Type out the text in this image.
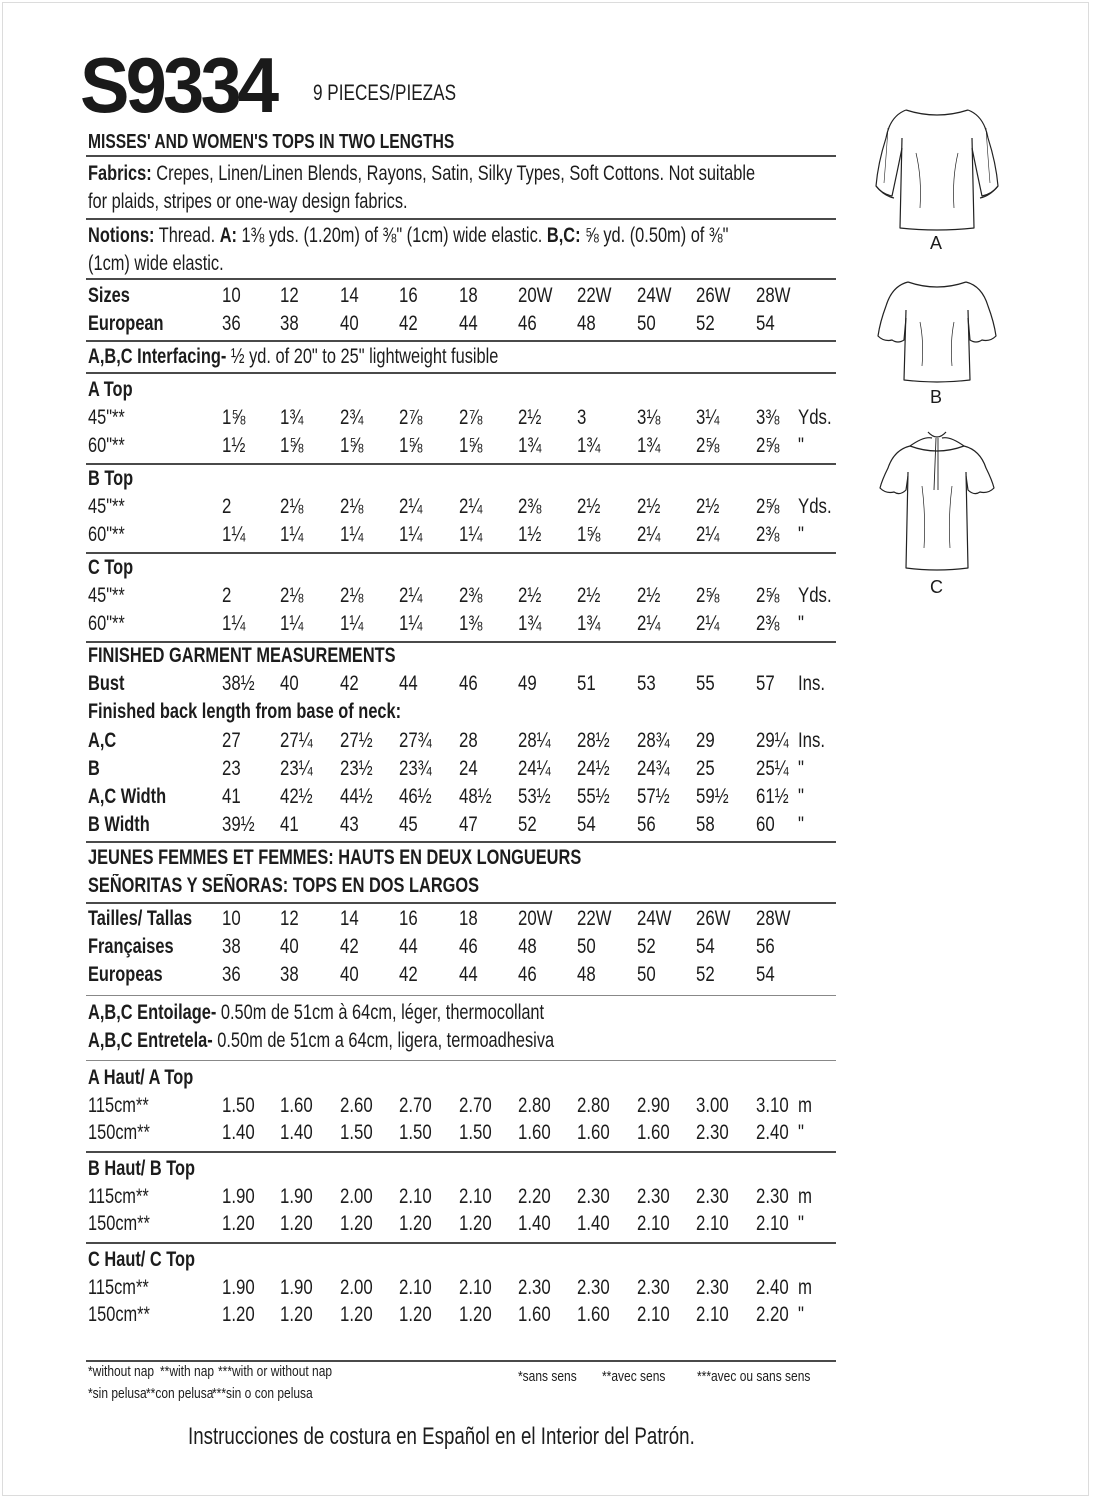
S9334 9 PIECES/PIEZAS
MISSES' AND WOMEN'S TOPS IN TWO LENGTHS
Fabrics: Crepes, Linen/Linen Blends, Rayons, Satin, Silky Types, Soft Cottons. Not suitable
for plaids, stripes or one-way design fabrics.
Notions: Thread. A: 1⅜ yds. (1.20m) of ⅜" (1cm) wide elastic. B,C: ⅝ yd. (0.50m) of ⅜"
(1cm) wide elastic.
Sizes	10 12 14 16 18 20W 22W 24W 26W 28W
European	36 38 40 42 44 46 48 50 52 54
A,B,C Interfacing- ½ yd. of 20" to 25" lightweight fusible
A Top
45"**	1⅝ 1¾ 2¾ 2⅞ 2⅞ 2½ 3 3⅛ 3¼ 3⅜ Yds.
60"**	1½ 1⅝ 1⅝ 1⅝ 1⅝ 1¾ 1¾ 1¾ 2⅝ 2⅝ "
B Top
45"**	2 2⅛ 2⅛ 2¼ 2¼ 2⅜ 2½ 2½ 2½ 2⅝ Yds.
60"**	1¼ 1¼ 1¼ 1¼ 1¼ 1½ 1⅝ 2¼ 2¼ 2⅜ "
C Top
45"**	2 2⅛ 2⅛ 2¼ 2⅜ 2½ 2½ 2½ 2⅝ 2⅝ Yds.
60"**	1¼ 1¼ 1¼ 1¼ 1⅜ 1¾ 1¾ 2¼ 2¼ 2⅜ "
FINISHED GARMENT MEASUREMENTS
Bust	38½ 40 42 44 46 49 51 53 55 57 Ins.
Finished back length from base of neck:
A,C	27 27¼ 27½ 27¾ 28 28¼ 28½ 28¾ 29 29¼ Ins.
B	23 23¼ 23½ 23¾ 24 24¼ 24½ 24¾ 25 25¼ "
A,C Width	41 42½ 44½ 46½ 48½ 53½ 55½ 57½ 59½ 61½ "
B Width	39½ 41 43 45 47 52 54 56 58 60 "
JEUNES FEMMES ET FEMMES: HAUTS EN DEUX LONGUEURS
SEÑORITAS Y SEÑORAS: TOPS EN DOS LARGOS
Tailles/ Tallas 10 12 14 16 18 20W 22W 24W 26W 28W
Françaises 38 40 42 44 46 48 50 52 54 56
Europeas	36 38 40 42 44 46 48 50 52 54
A,B,C Entoilage- 0.50m de 51cm à 64cm, léger, thermocollant
A,B,C Entretela- 0.50m de 51cm a 64cm, ligera, termoadhesiva
A Haut/ A Top
115cm**	1.50 1.60 2.60 2.70 2.70 2.80 2.80 2.90 3.00 3.10 m
150cm**	1.40 1.40 1.50 1.50 1.50 1.60 1.60 1.60 2.30 2.40 "
B Haut/ B Top
115cm**	1.90 1.90 2.00 2.10 2.10 2.20 2.30 2.30 2.30 2.30 m
150cm**	1.20 1.20 1.20 1.20 1.20 1.40 1.40 2.10 2.10 2.10 "
C Haut/ C Top
115cm**	1.90 1.90 2.00 2.10 2.10 2.30 2.30 2.30 2.30 2.40 m
150cm**	1.20 1.20 1.20 1.20 1.20 1.60 1.60 2.10 2.10 2.20 "
*without nap **with nap ***with or without nap
*sin pelusa **con pelusa
***sin o con pelusa
*sans sens **avec sens ***avec ou sans sens
Instrucciones de costura en Español en el Interior del Patrón.
A
B
C
